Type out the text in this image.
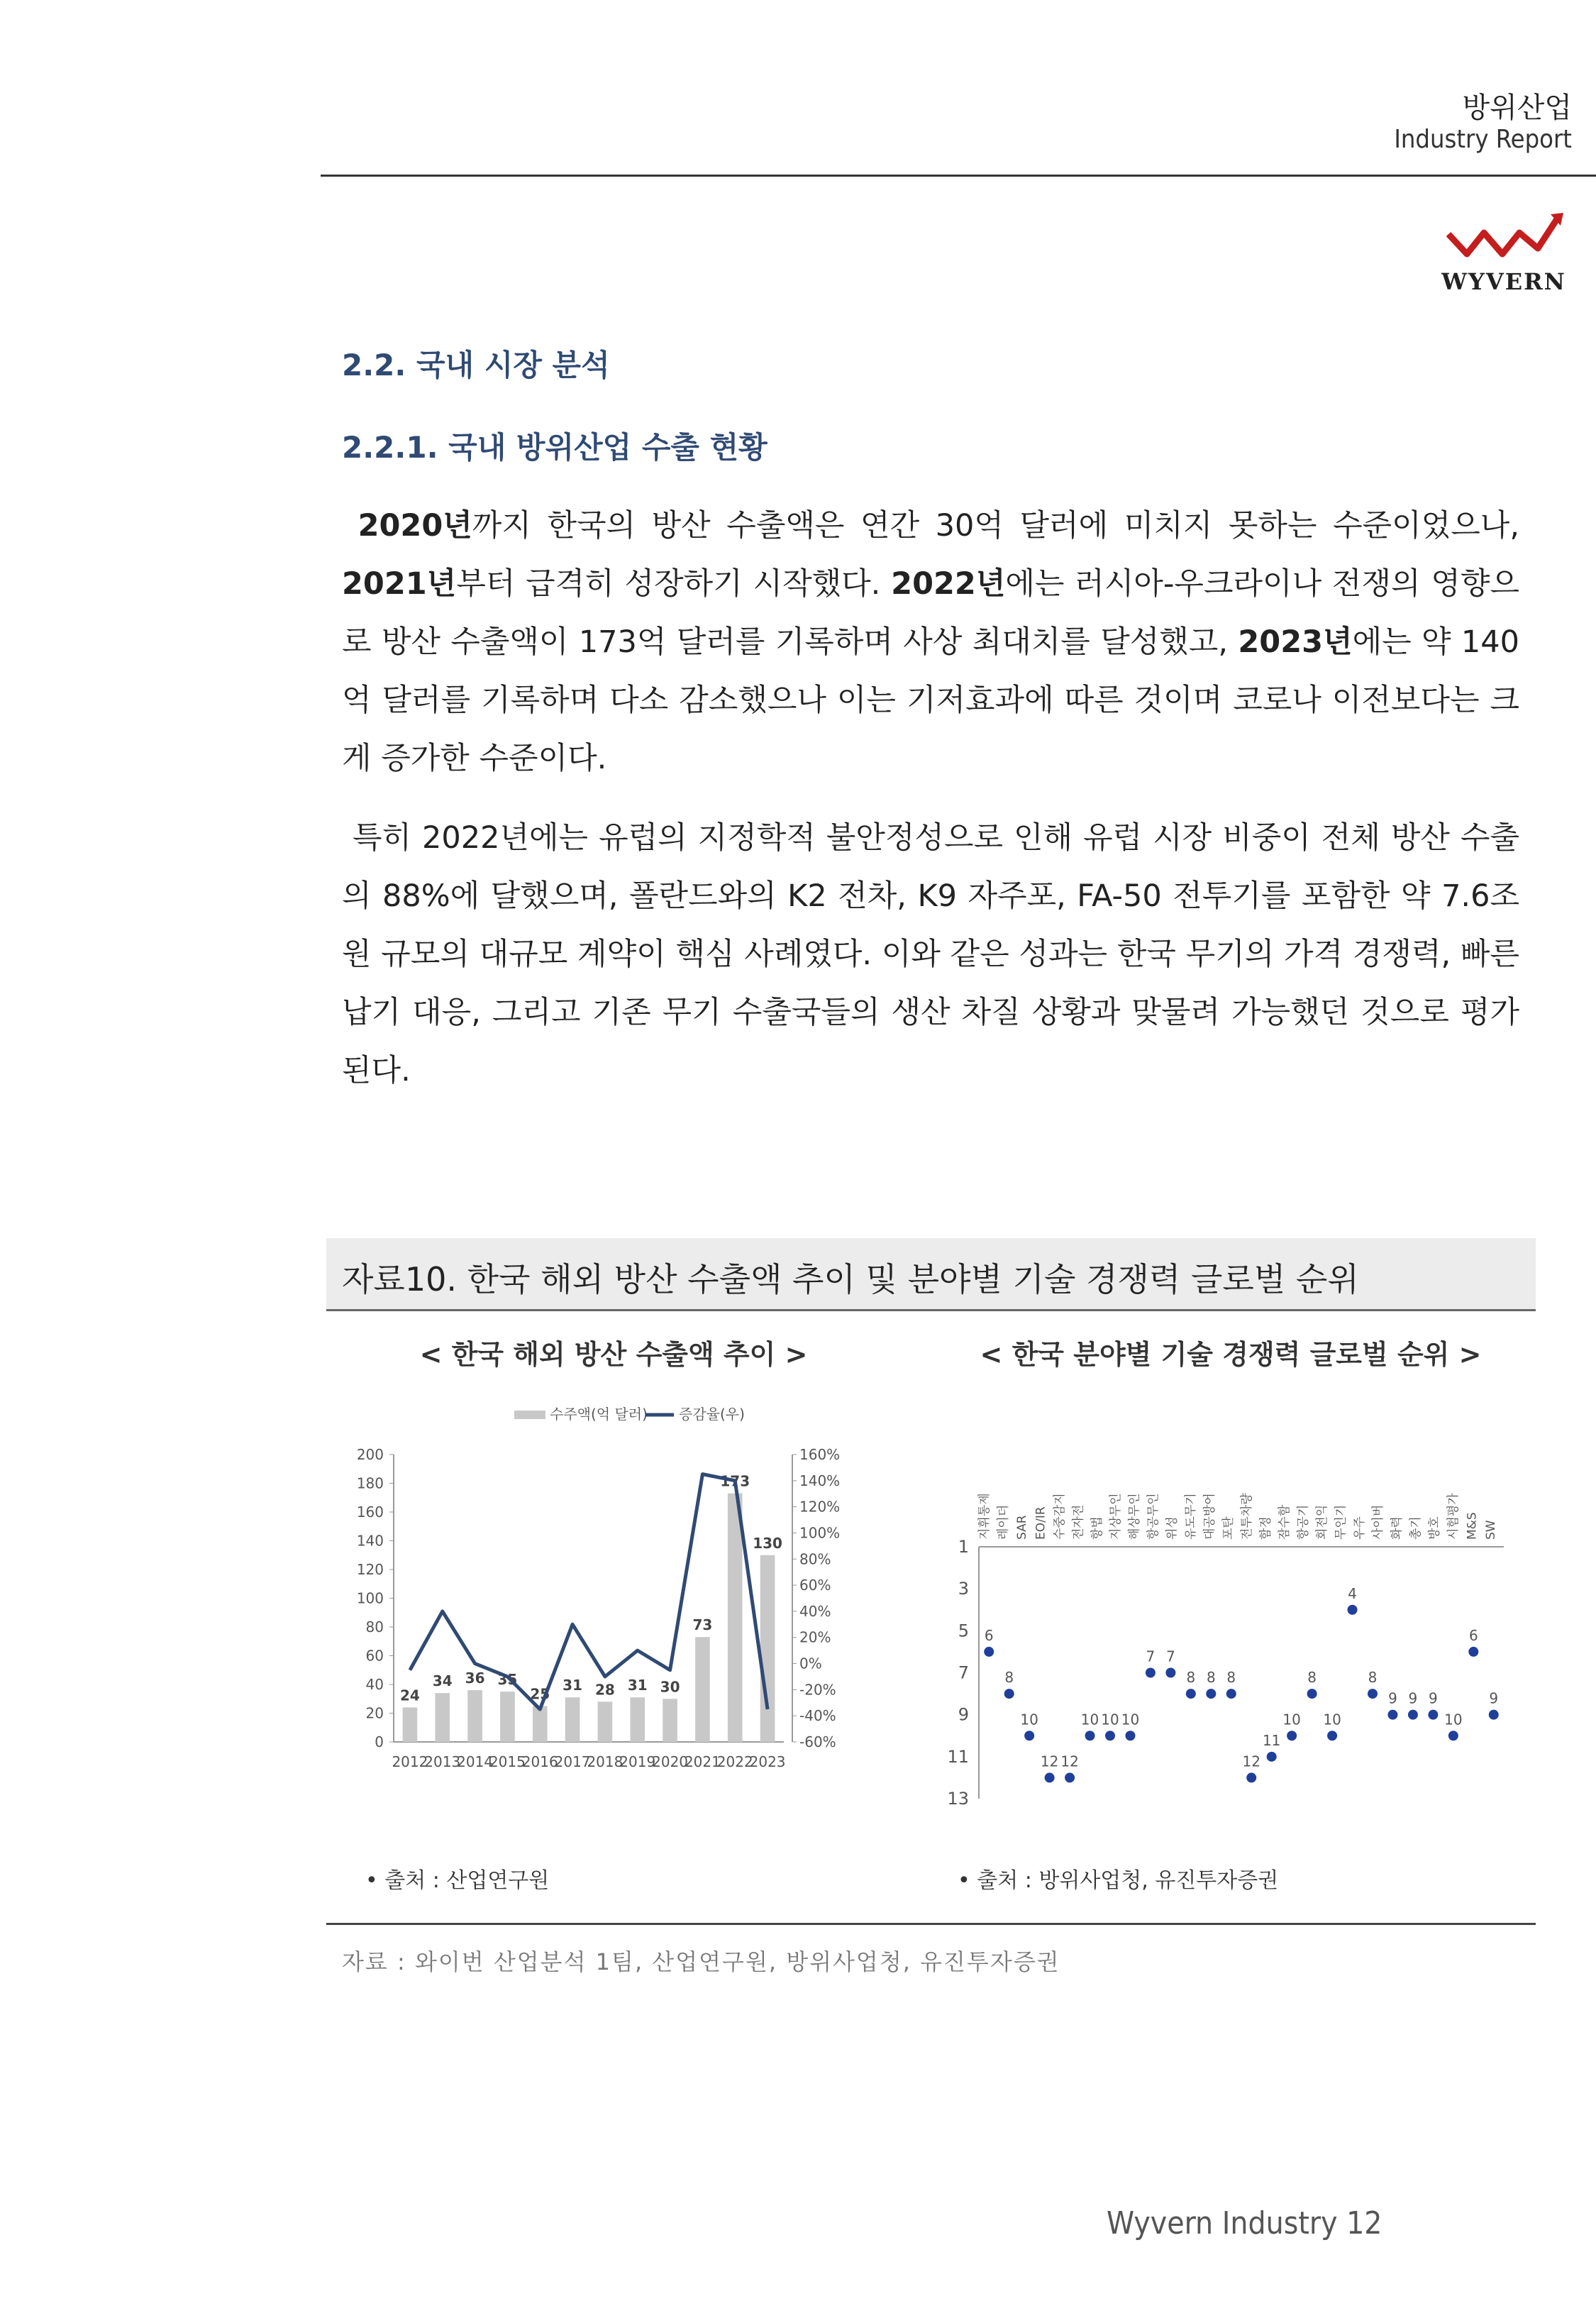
방위산업
Industry Report
WYVERN
2.2. 국내 시장 분석
2.2.1. 국내 방위산업 수출 현황
2020년까지 한국의 방산 수출액은 연간 30억 달러에 미치지 못하는 수준이었으나, 2021년부터 급격히 성장하기 시작했다. 2022년에는 러시아-우크라이나 전쟁의 영향으로 방산 수출액이 173억 달러를 기록하며 사상 최대치를 달성했고, 2023년에는 약 140억 달러를 기록하며 다소 감소했으나 이는 기저효과에 따른 것이며 코로나 이전보다는 크게 증가한 수준이다.
특히 2022년에는 유럽의 지정학적 불안정성으로 인해 유럽 시장 비중이 전체 방산 수출의 88%에 달했으며, 폴란드와의 K2 전차, K9 자주포, FA-50 전투기를 포함한 약 7.6조 원 규모의 대규모 계약이 핵심 사례였다. 이와 같은 성과는 한국 무기의 가격 경쟁력, 빠른 납기 대응, 그리고 기존 무기 수출국들의 생산 차질 상황과 맞물려 가능했던 것으로 평가된다.
자료10. 한국 해외 방산 수출액 추이 및 분야별 기술 경쟁력 글로벌 순위
< 한국 해외 방산 수출액 추이 >
수주액(억 달러) 증감율(우)
0
20
40
60
80
100
120
140
160
180
200	160%
140%
120%
100%
80%
60%
40%
20%
0%
-20%
-40%
-60%
24
2012
34
2013
36
2014
35
2015
25
2016
31
2017
28
2018
31
2019
30
2020
73
2021
173
2022
130
2023
• 출처 : 산업연구원
< 한국 분야별 기술 경쟁력 글로벌 순위 >
1
3
5
7
9
11
13
지휘통제 레이더 SAR EO/IR 수중감지 전자전 항법 지상무인 해상무인 항공무인 위성 유도무기 대공방어 포탄 전투차량 함정 잠수함 항공기 회전익 무인기 우주 사이버 화력 총기 방호 시험평가 M&S SW
6
8
10
12 12
10 10 10
7 7
8 8 8
12
11
10
8
10
4
8
9 9 9
10
6
9
• 출처 : 방위사업청, 유진투자증권
자료 : 와이번 산업분석 1팀, 산업연구원, 방위사업청, 유진투자증권
Wyvern Industry 12
